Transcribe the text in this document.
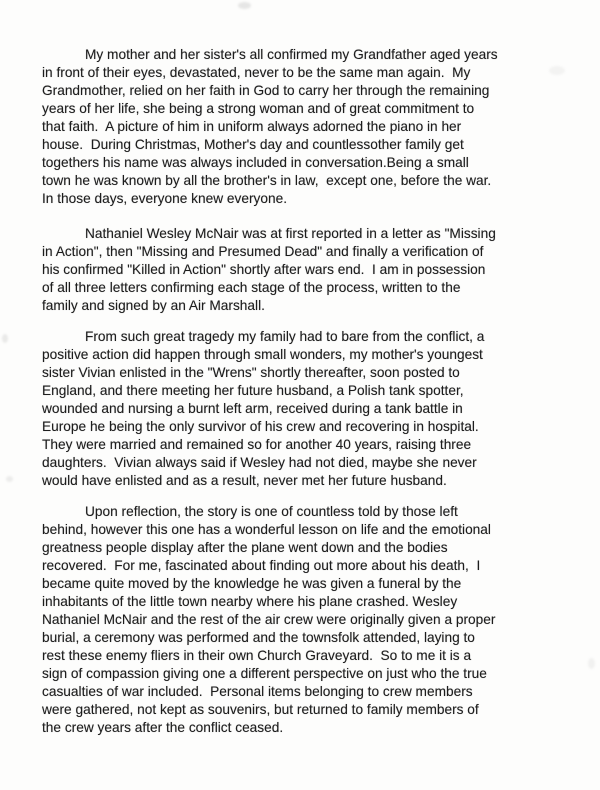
My mother and her sister's all confirmed my Grandfather aged years
in front of their eyes, devastated, never to be the same man again.  My
Grandmother, relied on her faith in God to carry her through the remaining
years of her life, she being a strong woman and of great commitment to
that faith.  A picture of him in uniform always adorned the piano in her
house.  During Christmas, Mother's day and countlessother family get
togethers his name was always included in conversation.Being a small
town he was known by all the brother's in law,  except one, before the war.
In those days, everyone knew everyone.

Nathaniel Wesley McNair was at first reported in a letter as "Missing
in Action", then "Missing and Presumed Dead" and finally a verification of
his confirmed "Killed in Action" shortly after wars end.  I am in possession
of all three letters confirming each stage of the process, written to the
family and signed by an Air Marshall.

From such great tragedy my family had to bare from the conflict, a
positive action did happen through small wonders, my mother's youngest
sister Vivian enlisted in the "Wrens" shortly thereafter, soon posted to
England, and there meeting her future husband, a Polish tank spotter,
wounded and nursing a burnt left arm, received during a tank battle in
Europe he being the only survivor of his crew and recovering in hospital.
They were married and remained so for another 40 years, raising three
daughters.  Vivian always said if Wesley had not died, maybe she never
would have enlisted and as a result, never met her future husband.

Upon reflection, the story is one of countless told by those left
behind, however this one has a wonderful lesson on life and the emotional
greatness people display after the plane went down and the bodies
recovered.  For me, fascinated about finding out more about his death,  I
became quite moved by the knowledge he was given a funeral by the
inhabitants of the little town nearby where his plane crashed. Wesley
Nathaniel McNair and the rest of the air crew were originally given a proper
burial, a ceremony was performed and the townsfolk attended, laying to
rest these enemy fliers in their own Church Graveyard.  So to me it is a
sign of compassion giving one a different perspective on just who the true
casualties of war included.  Personal items belonging to crew members
were gathered, not kept as souvenirs, but returned to family members of
the crew years after the conflict ceased.
